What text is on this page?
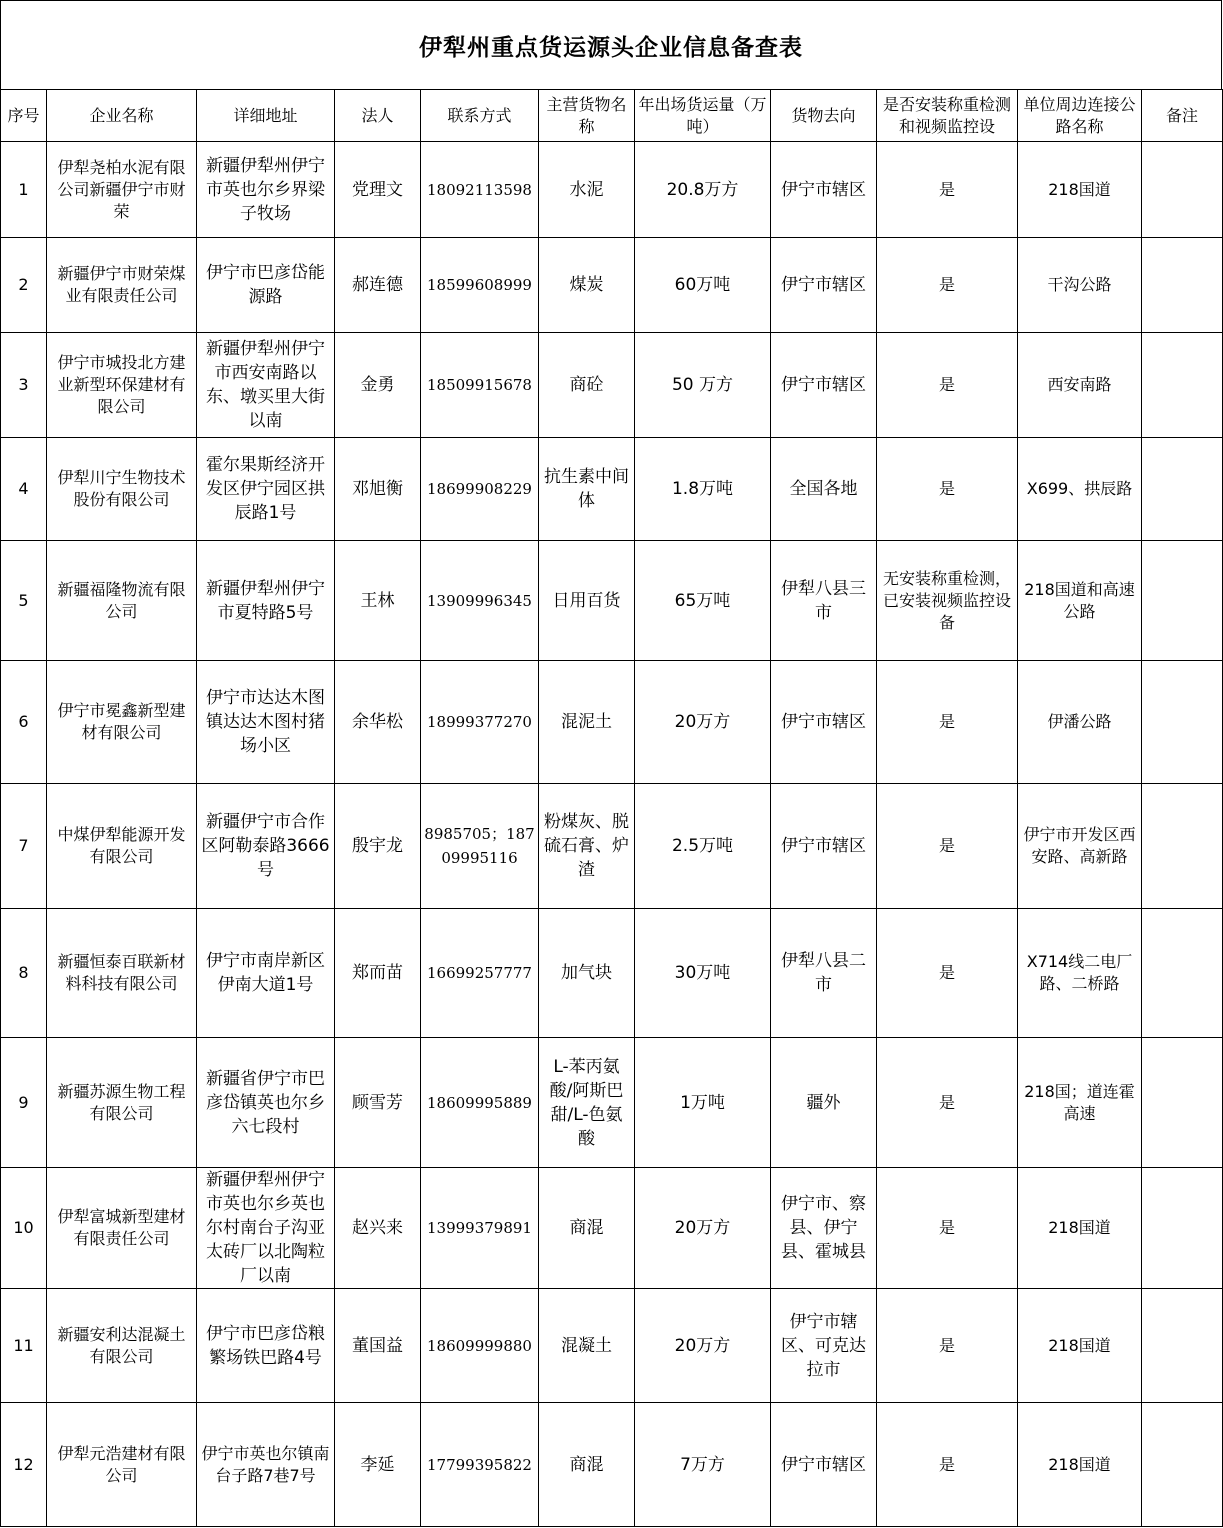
伊犁州重点货运源头企业信息备查表
序号	企业名称	详细地址	法人	联系方式	主营货物名称	年出场货运量（万吨）	货物去向	是否安装称重检测和视频监控设	单位周边连接公路名称	备注
1	伊犁尧柏水泥有限公司新疆伊宁市财荣	新疆伊犁州伊宁市英也尔乡界梁子牧场	党理文	18092113598	水泥	20.8万方	伊宁市辖区	是	218国道	
2	新疆伊宁市财荣煤业有限责任公司	伊宁市巴彦岱能源路	郝连德	18599608999	煤炭	60万吨	伊宁市辖区	是	干沟公路	
3	伊宁市城投北方建业新型环保建材有限公司	新疆伊犁州伊宁市西安南路以东、墩买里大街以南	金勇	18509915678	商砼	50 万方	伊宁市辖区	是	西安南路	
4	伊犁川宁生物技术股份有限公司	霍尔果斯经济开发区伊宁园区拱辰路1号	邓旭衡	18699908229	抗生素中间体	1.8万吨	全国各地	是	X699、拱辰路	
5	新疆福隆物流有限公司	新疆伊犁州伊宁市夏特路5号	王林	13909996345	日用百货	65万吨	伊犁八县三市	无安装称重检测，已安装视频监控设备	218国道和高速公路	
6	伊宁市冕鑫新型建材有限公司	伊宁市达达木图镇达达木图村猪场小区	余华松	18999377270	混泥土	20万方	伊宁市辖区	是	伊潘公路	
7	中煤伊犁能源开发有限公司	新疆伊宁市合作区阿勒泰路3666号	殷宇龙	8985705；18709995116	粉煤灰、脱硫石膏、炉渣	2.5万吨	伊宁市辖区	是	伊宁市开发区西安路、高新路	
8	新疆恒泰百联新材料科技有限公司	伊宁市南岸新区伊南大道1号	郑而苗	16699257777	加气块	30万吨	伊犁八县二市	是	X714线二电厂路、二桥路	
9	新疆苏源生物工程有限公司	新疆省伊宁市巴彦岱镇英也尔乡六七段村	顾雪芳	18609995889	L-苯丙氨酸/阿斯巴甜/L-色氨酸	1万吨	疆外	是	218国；道连霍高速	
10	伊犁富城新型建材有限责任公司	新疆伊犁州伊宁市英也尔乡英也尔村南台子沟亚太砖厂以北陶粒厂以南	赵兴来	13999379891	商混	20万方	伊宁市、察县、伊宁县、霍城县	是	218国道	
11	新疆安利达混凝土有限公司	伊宁市巴彦岱粮繁场铁巴路4号	董国益	18609999880	混凝土	20万方	伊宁市辖区、可克达拉市	是	218国道	
12	伊犁元浩建材有限公司	伊宁市英也尔镇南台子路7巷7号	李延	17799395822	商混	7万方	伊宁市辖区	是	218国道	
